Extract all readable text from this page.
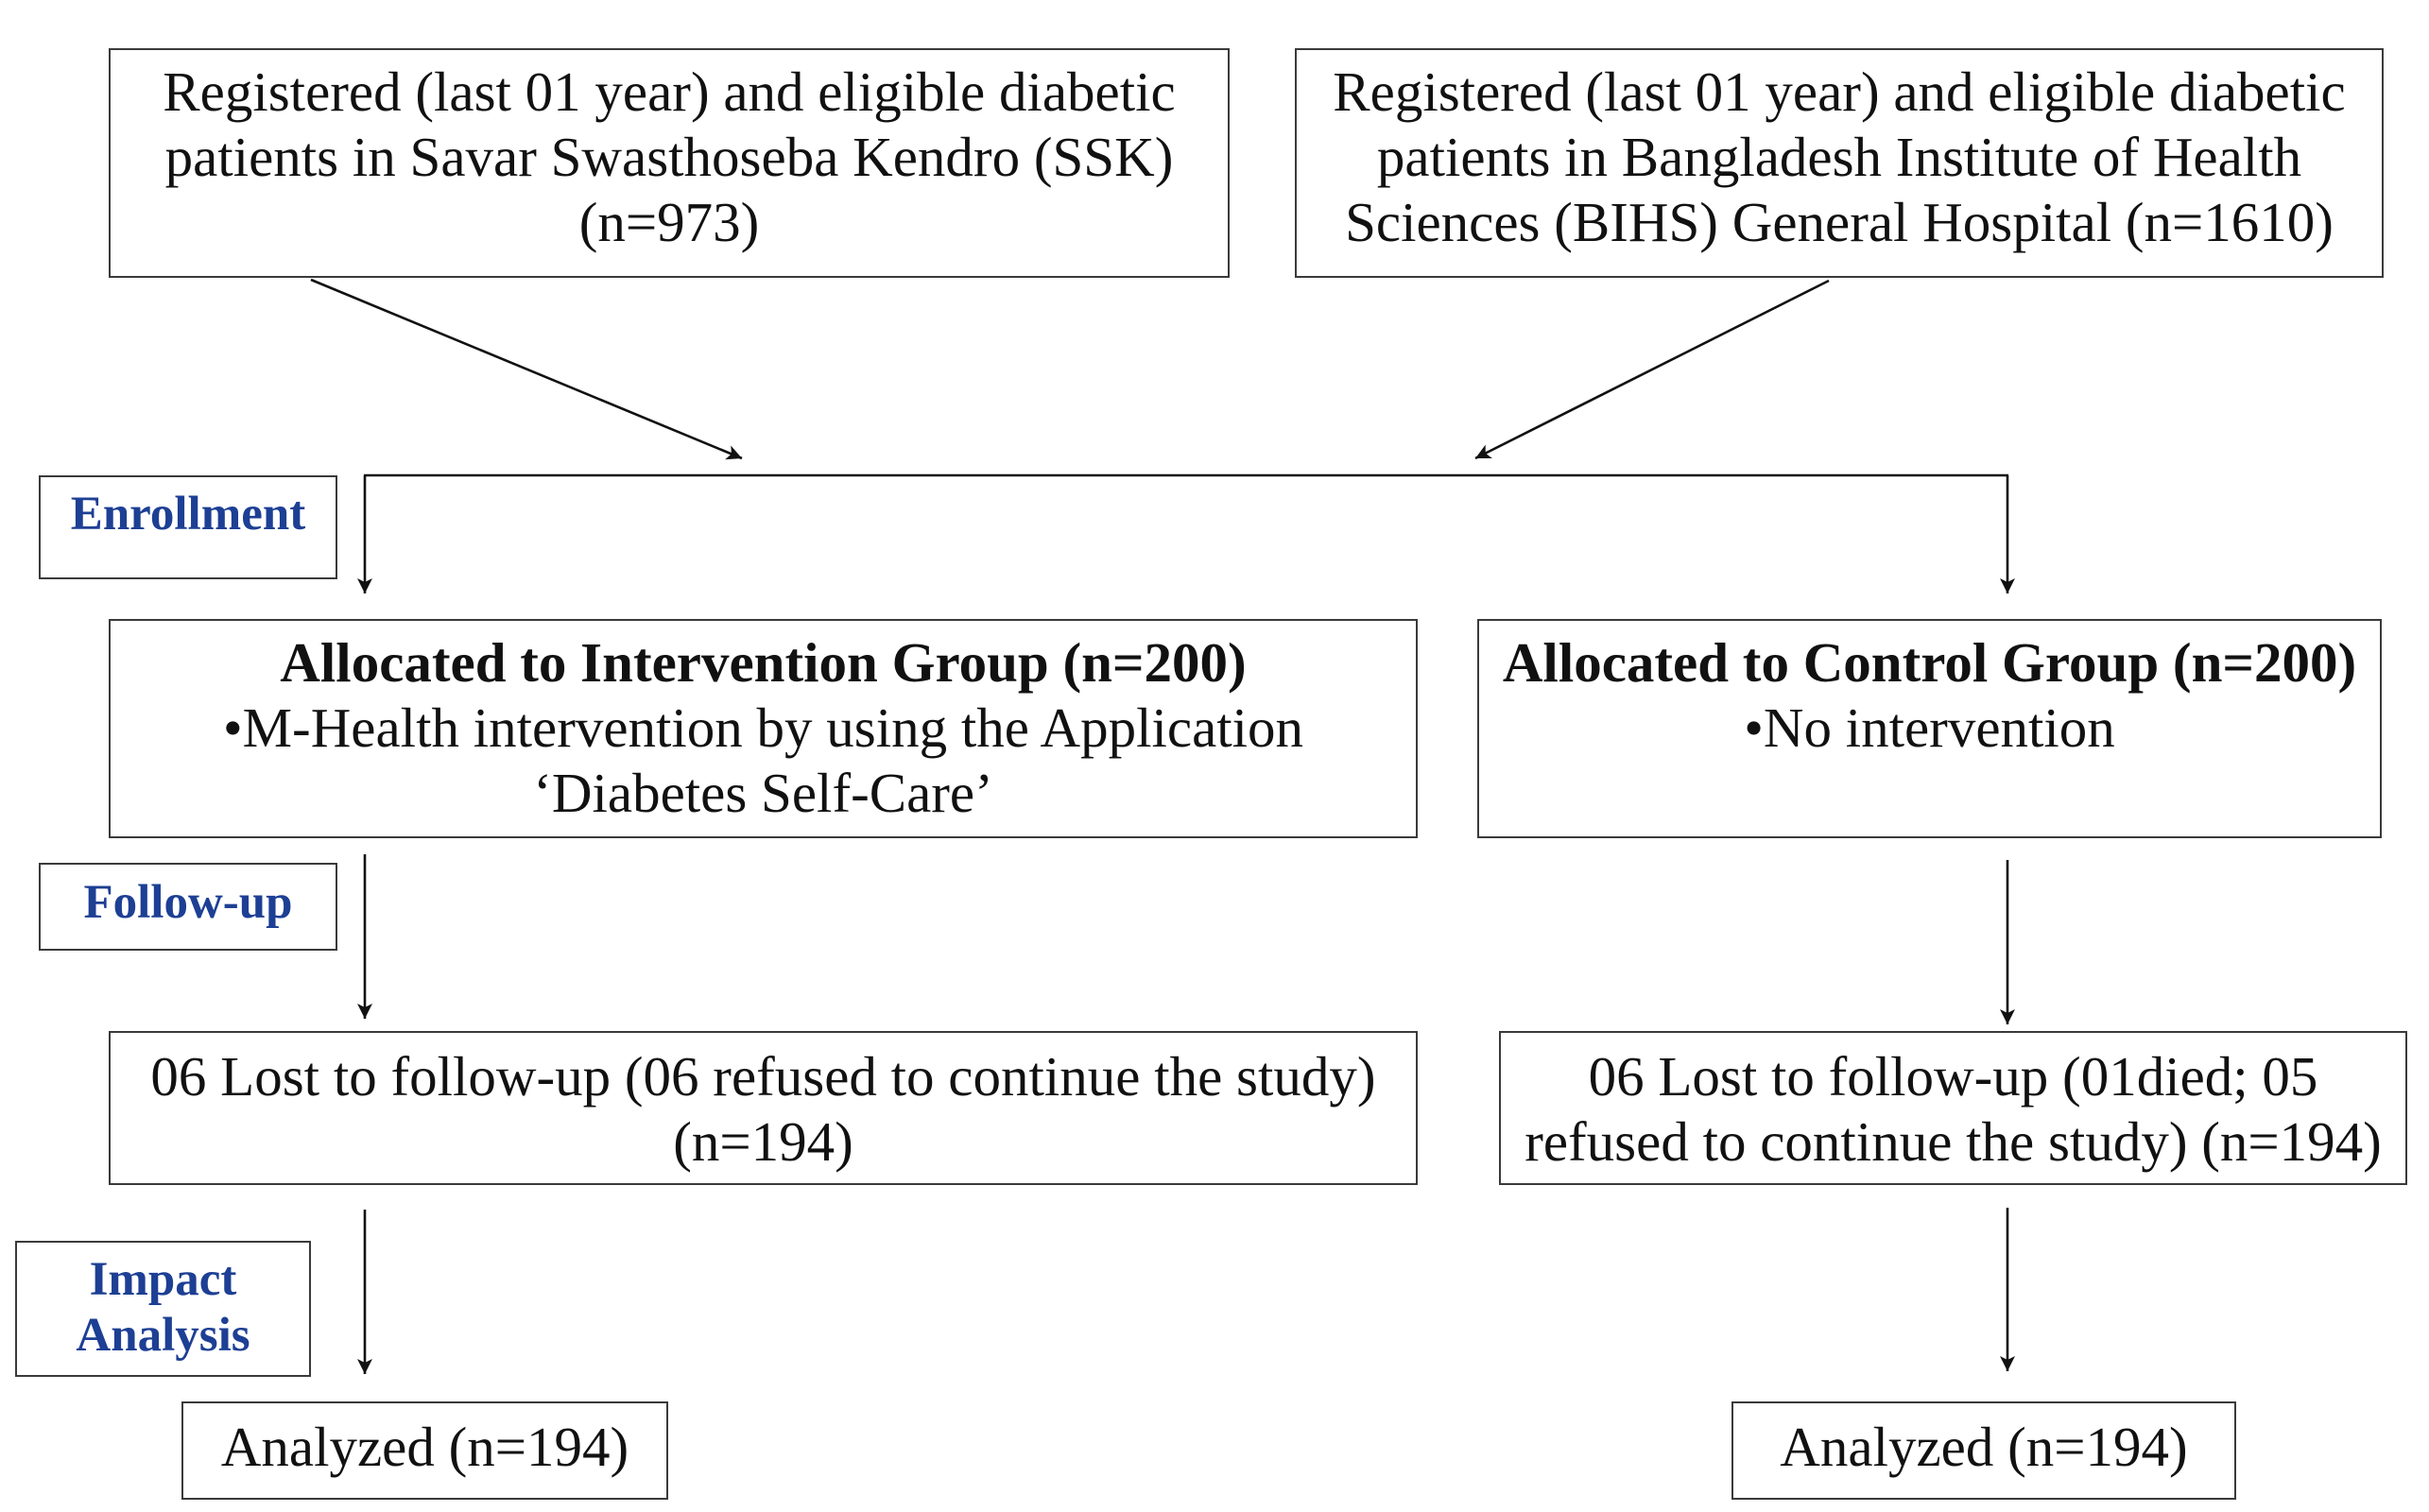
Registered (last 01 year) and eligible diabetic
patients in Savar Swasthoseba Kendro (SSK)
(n=973)
Registered (last 01 year) and eligible diabetic
patients in Bangladesh Institute of Health
Sciences (BIHS) General Hospital (n=1610)
Enrollment
Allocated to Intervention Group (n=200)
•M-Health intervention by using the Application
‘Diabetes Self-Care’
Allocated to Control Group (n=200)
•No intervention
Follow-up
06 Lost to follow-up (06 refused to continue the study)
(n=194)
06 Lost to follow-up (01died; 05
refused to continue the study) (n=194)
Impact
Analysis
Analyzed (n=194)	Analyzed (n=194)
